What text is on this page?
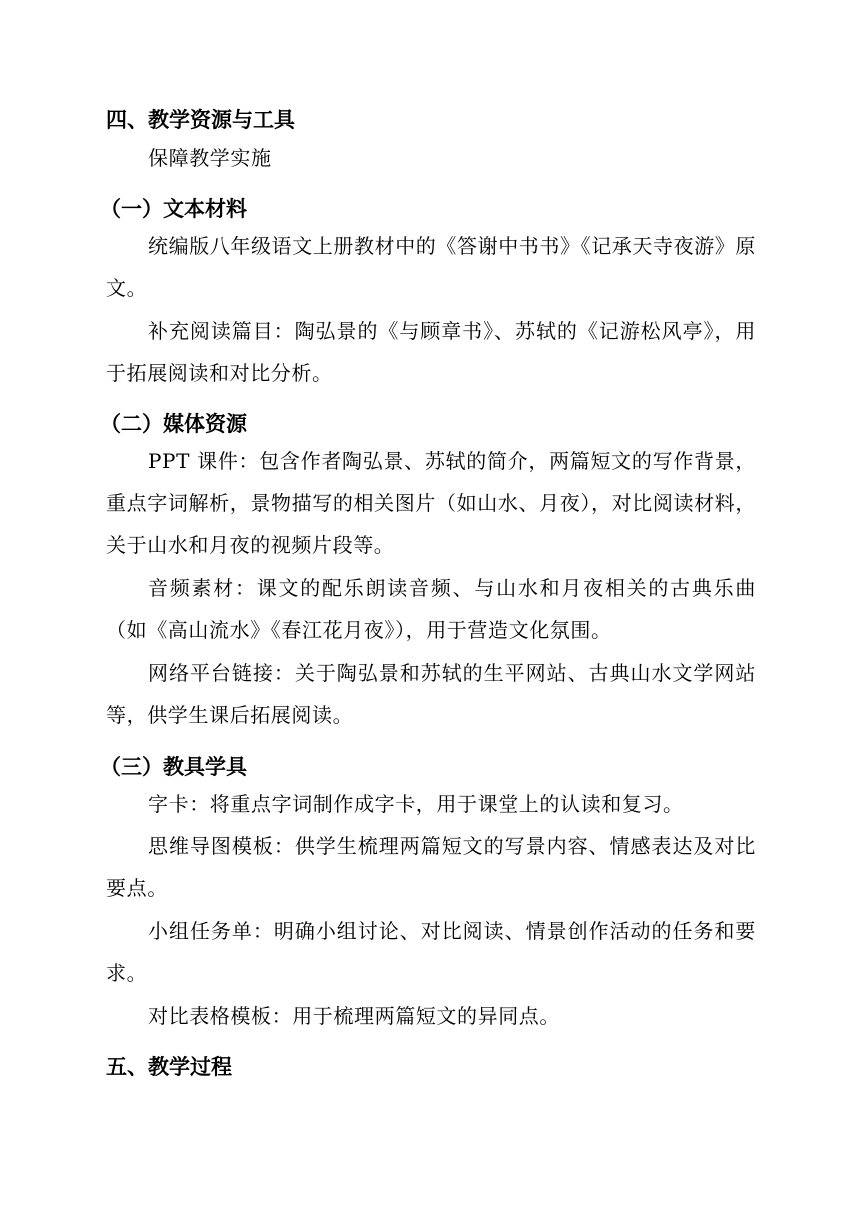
四、教学资源与工具
保障教学实施
（一）文本材料
统编版八年级语文上册教材中的《答谢中书书》《记承天寺夜游》原文。
补充阅读篇目：陶弘景的《与顾章书》、苏轼的《记游松风亭》，用于拓展阅读和对比分析。
（二）媒体资源
PPT 课件：包含作者陶弘景、苏轼的简介，两篇短文的写作背景，重点字词解析，景物描写的相关图片（如山水、月夜），对比阅读材料，关于山水和月夜的视频片段等。
音频素材：课文的配乐朗读音频、与山水和月夜相关的古典乐曲（如《高山流水》《春江花月夜》），用于营造文化氛围。
网络平台链接：关于陶弘景和苏轼的生平网站、古典山水文学网站等，供学生课后拓展阅读。
（三）教具学具
字卡：将重点字词制作成字卡，用于课堂上的认读和复习。
思维导图模板：供学生梳理两篇短文的写景内容、情感表达及对比要点。
小组任务单：明确小组讨论、对比阅读、情景创作活动的任务和要求。
对比表格模板：用于梳理两篇短文的异同点。
五、教学过程
